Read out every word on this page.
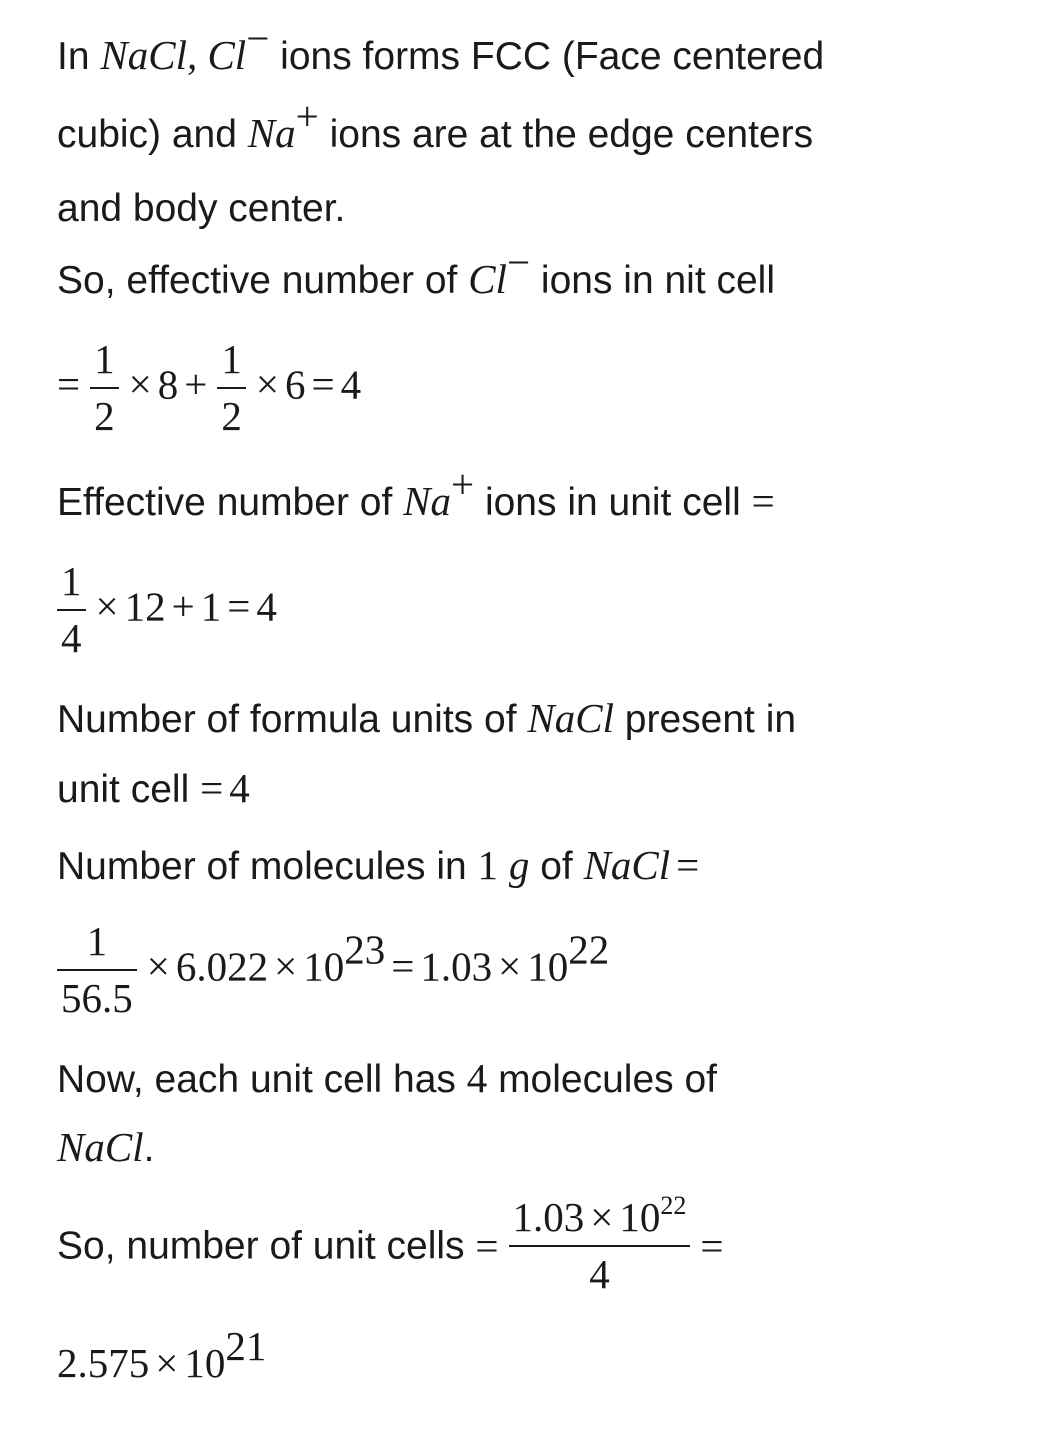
In NaCl, Cl− ions forms FCC (Face centered
cubic) and Na+ ions are at the edge centers
and body center.
So, effective number of Cl− ions in nit cell
= $\frac{1}{2} \times 8 + \frac{1}{2} \times 6 = 4$
Effective number of Na+ ions in unit cell =
$\frac{1}{4} \times 12 + 1 = 4$
Number of formula units of NaCl present in
unit cell = 4
Number of molecules in 1 g of NaCl =
$\frac{1}{56.5} \times 6.022 \times 10^{23} = 1.03 \times 10^{22}$
Now, each unit cell has 4 molecules of
NaCl.
So, number of unit cells = $\frac{1.03 \times 10^{22}}{4}$ =
$2.575 \times 10^{21}$
